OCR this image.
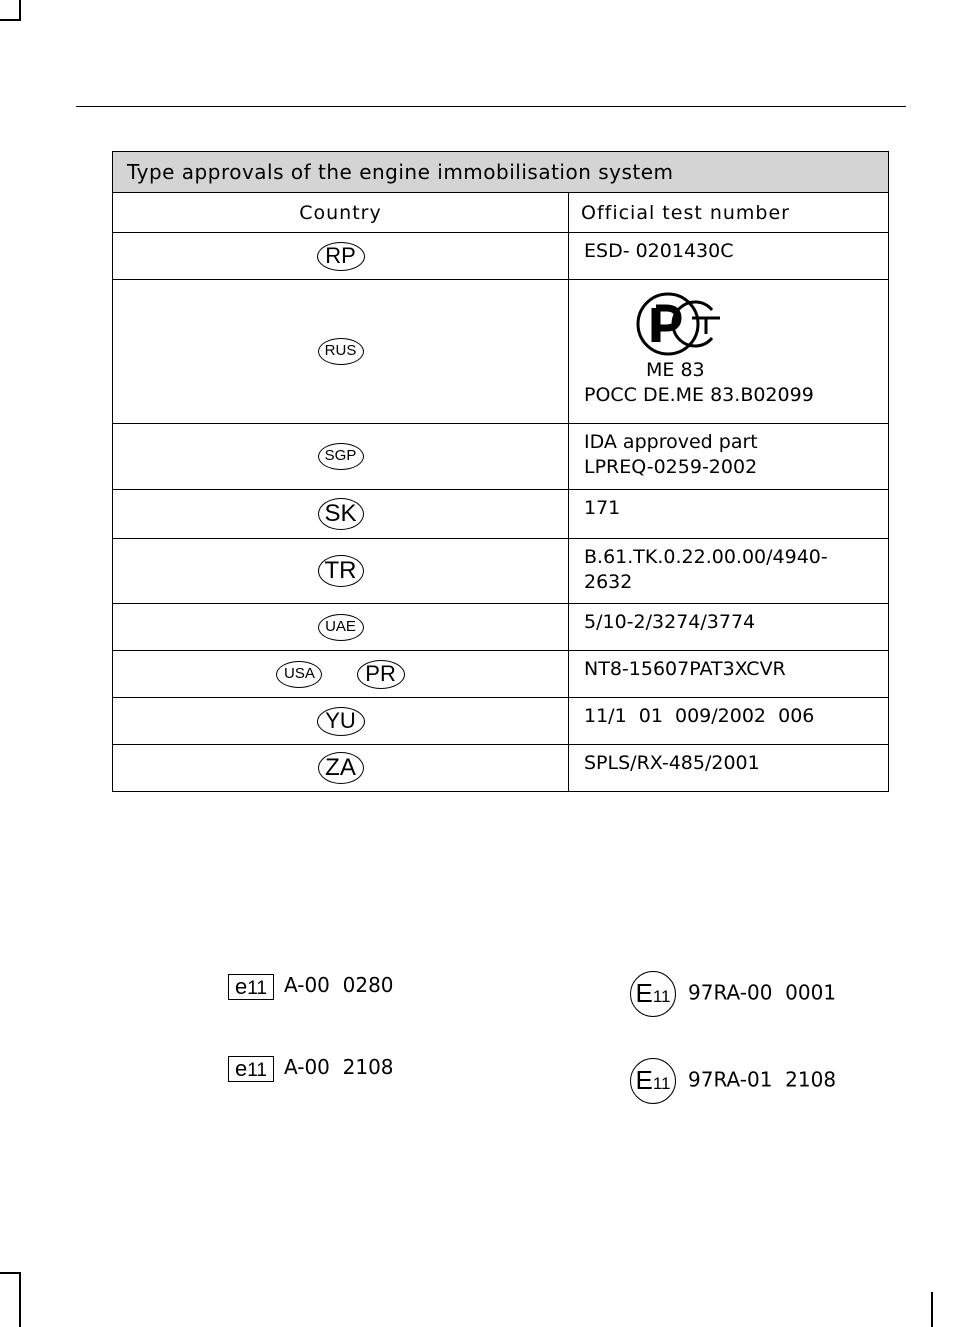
Type approvals of the engine immobilisation system	
Country	Official test number
RP	ESD- 0201430C

RUS	ME 83
POCC DE.ME 83.B02099

SGP	IDA approved part
LPREQ-0259-2002

SK	171

TR	B.61.TK.0.22.00.00/4940-
2632

UAE	5/10-2/3274/3774

USA PR	NT8-15607PAT3XCVR

YU	11/1  01  009/2002  006

ZA	SPLS/RX-485/2001
e11 A-00  0280
e11 A-00  2108
E11 97RA-00  0001
E11 97RA-01  2108
